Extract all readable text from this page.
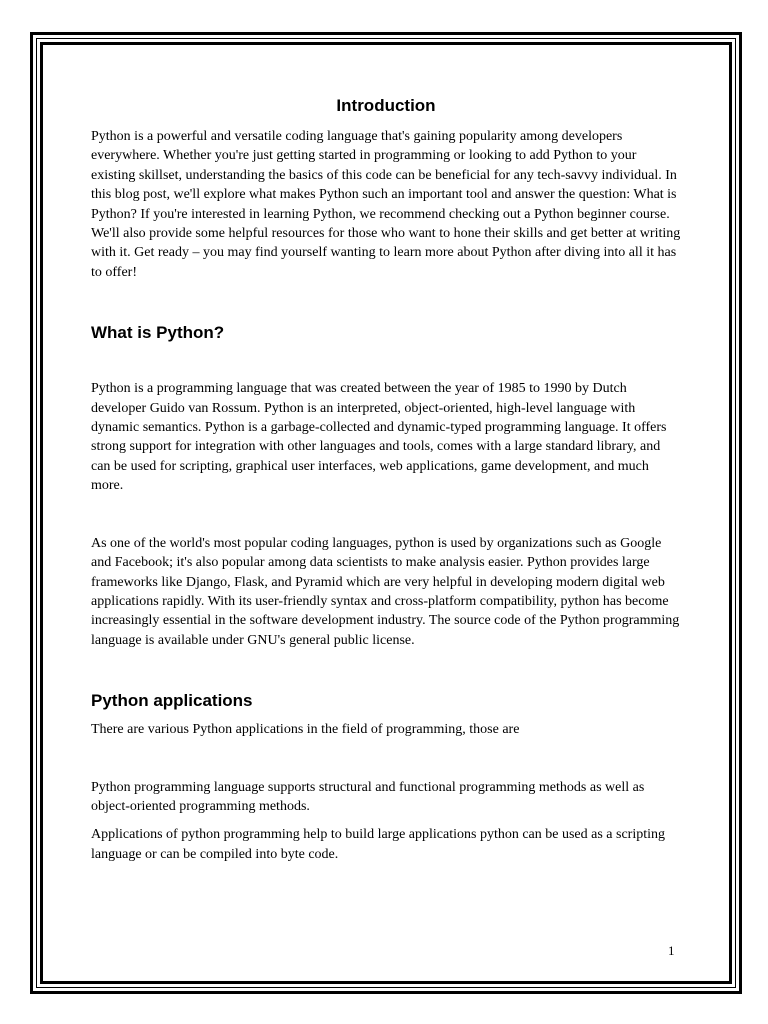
Introduction

Python is a powerful and versatile coding language that's gaining popularity among developers everywhere. Whether you're just getting started in programming or looking to add Python to your existing skillset, understanding the basics of this code can be beneficial for any tech-savvy individual. In this blog post, we'll explore what makes Python such an important tool and answer the question: What is Python? If you're interested in learning Python, we recommend checking out a Python beginner course. We'll also provide some helpful resources for those who want to hone their skills and get better at writing with it. Get ready – you may find yourself wanting to learn more about Python after diving into all it has to offer!

What is Python?

Python is a programming language that was created between the year of 1985 to 1990 by Dutch developer Guido van Rossum. Python is an interpreted, object-oriented, high-level language with dynamic semantics. Python is a garbage-collected and dynamic-typed programming language. It offers strong support for integration with other languages and tools, comes with a large standard library, and can be used for scripting, graphical user interfaces, web applications, game development, and much more.

As one of the world's most popular coding languages, python is used by organizations such as Google and Facebook; it's also popular among data scientists to make analysis easier. Python provides large frameworks like Django, Flask, and Pyramid which are very helpful in developing modern digital web applications rapidly. With its user-friendly syntax and cross-platform compatibility, python has become increasingly essential in the software development industry. The source code of the Python programming language is available under GNU's general public license.

Python applications

There are various Python applications in the field of programming, those are

Python programming language supports structural and functional programming methods as well as object-oriented programming methods.

Applications of python programming help to build large applications python can be used as a scripting language or can be compiled into byte code.

1
